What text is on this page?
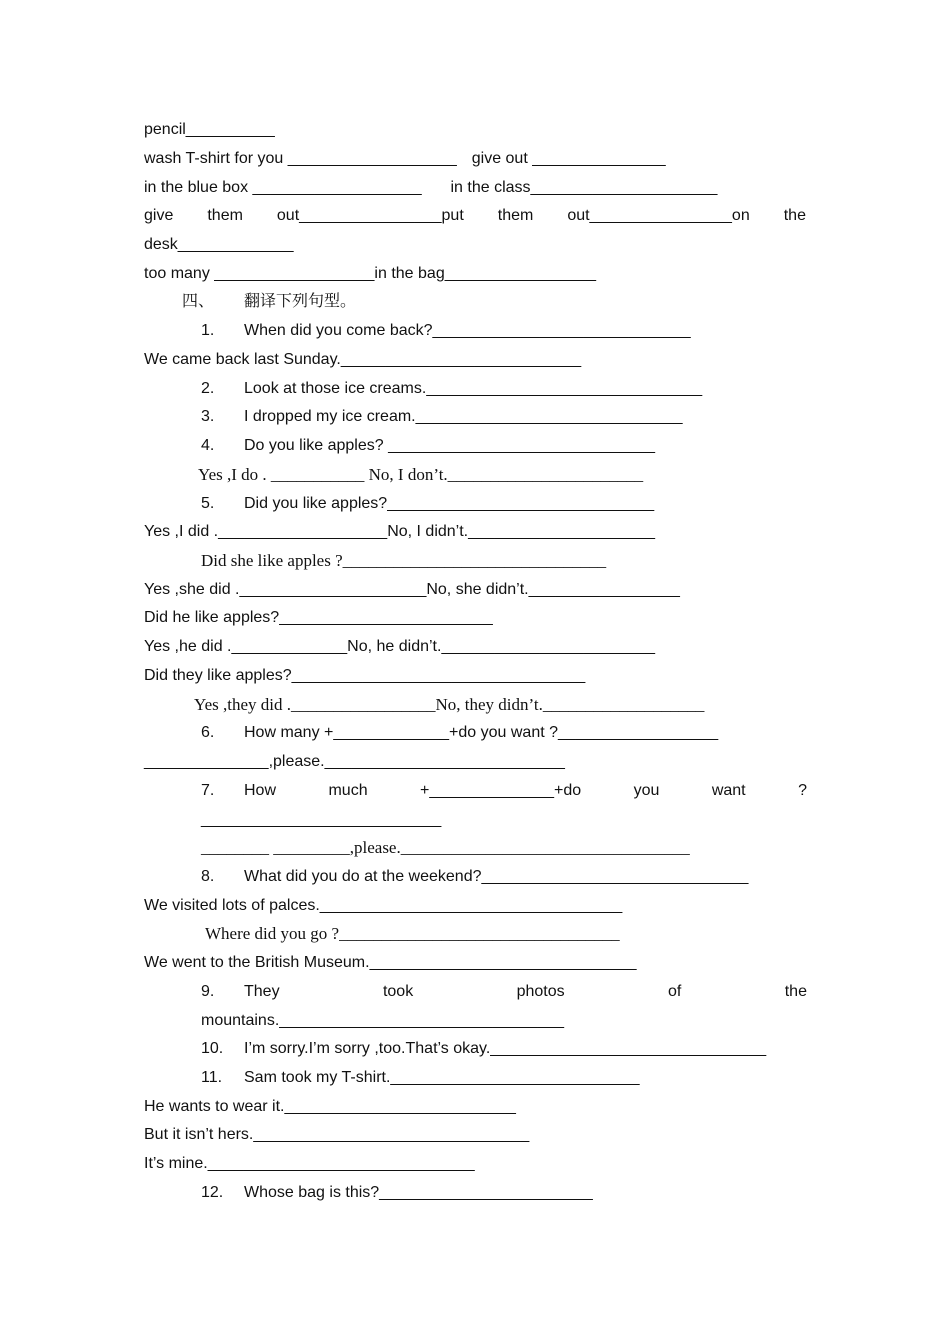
pencil__________
wash T-shirt for you ___________________ give out _______________
in the blue box ___________________ in the class_____________________
give them out________________put them out________________on the
desk_____________
too many __________________in the bag_________________
四、 翻译下列句型。
1. When did you come back?_____________________________
We came back last Sunday.___________________________
2. Look at those ice creams._______________________________
3. I dropped my ice cream.______________________________
4. Do you like apples? ______________________________
Yes ,I do . ___________ No, I don’t._______________________
5. Did you like apples?______________________________
Yes ,I did .___________________No, I didn’t._____________________
Did she like apples ?_______________________________
Yes ,she did ._____________________No, she didn’t._________________
Did he like apples?________________________
Yes ,he did ._____________No, he didn’t.________________________
Did they like apples?_________________________________
Yes ,they did ._________________No, they didn’t.___________________
6. How many +_____________+do you want ?__________________
______________,please.___________________________
7.	How	much	+______________+do	you	want	?
___________________________
________ _________,please.__________________________________
8. What did you do at the weekend?______________________________
We visited lots of palces.__________________________________
Where did you go ?_________________________________
We went to the British Museum.______________________________
9.	They	took	photos	of	the
mountains.________________________________
10. I’m sorry.I’m sorry ,too.That’s okay._______________________________
11. Sam took my T-shirt.____________________________
He wants to wear it.__________________________
But it isn’t hers._______________________________
It’s mine.______________________________
12. Whose bag is this?________________________
